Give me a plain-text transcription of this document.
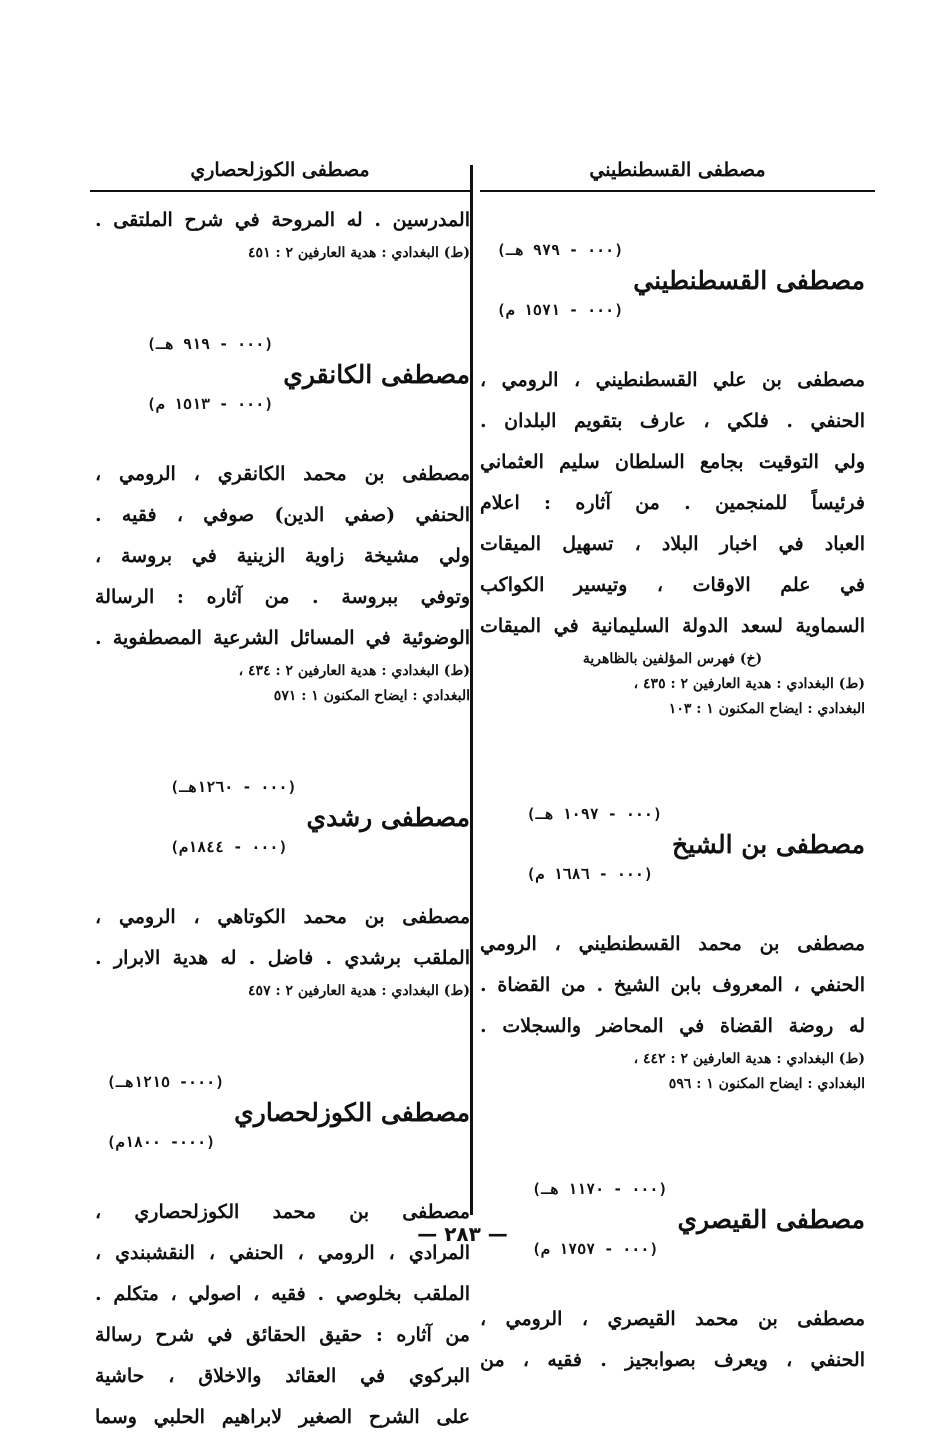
مصطفى القسطنطيني
مصطفى القسطنطيني

(٠٠٠ - ٩٧٩ هـ)

(٠٠٠ - ١٥٧١ م)

مصطفى بن علي القسطنطيني ، الرومي ،
الحنفي . فلكي ، عارف بتقويم البلدان .
ولي التوقيت بجامع السلطان سليم العثماني
فرئيساً للمنجمين . من آثاره : اعلام
العباد في اخبار البلاد ، تسهيل الميقات
في علم الاوقات ، وتيسير الكواكب
السماوية لسعد الدولة السليمانية في الميقات
(خ) فهرس المؤلفين بالظاهرية
(ط) البغدادي : هدية العارفين ٢ : ٤٣٥ ،
البغدادي : ايضاح المكنون ١ : ١٠٣
مصطفى بن الشيخ

(٠٠٠ - ١٠٩٧ هـ)

(٠٠٠ - ١٦٨٦ م)

مصطفى بن محمد القسطنطيني ، الرومي
الحنفي ، المعروف بابن الشيخ . من القضاة .
له روضة القضاة في المحاضر والسجلات .
(ط) البغدادي : هدية العارفين ٢ : ٤٤٢ ،
البغدادي : ايضاح المكنون ١ : ٥٩٦
مصطفى القيصري

(٠٠٠ - ١١٧٠ هـ)

(٠٠٠ - ١٧٥٧ م)

مصطفى بن محمد القيصري ، الرومي ،
الحنفي ، ويعرف بصوابجيز . فقيه ، من
مصطفى الكوزلحصاري
المدرسين . له المروحة في شرح الملتقى .
(ط) البغدادي : هدية العارفين ٢ : ٤٥١
مصطفى الكانقري

(٠٠٠ - ٩١٩ هـ)

(٠٠٠ - ١٥١٣ م)

مصطفى بن محمد الكانقري ، الرومي ،
الحنفي (صفي الدين) صوفي ، فقيه .
ولي مشيخة زاوية الزينية في بروسة ،
وتوفي ببروسة . من آثاره : الرسالة
الوضوئية في المسائل الشرعية المصطفوية .
(ط) البغدادي : هدية العارفين ٢ : ٤٣٤ ،
البغدادي : ايضاح المكنون ١ : ٥٧١
مصطفى رشدي

(٠٠٠ - ١٢٦٠هـ)

(٠٠٠ - ١٨٤٤م)

مصطفى بن محمد الكوتاهي ، الرومي ،
الملقب برشدي . فاضل . له هدية الابرار .
(ط) البغدادي : هدية العارفين ٢ : ٤٥٧
مصطفى الكوزلحصاري

(٠٠٠- ١٢١٥هـ)

(٠٠٠- ١٨٠٠م)

مصطفى بن محمد الكوزلحصاري ،
المرادي ، الرومي ، الحنفي ، النقشبندي ،
الملقب بخلوصي . فقيه ، اصولي ، متكلم .
من آثاره : حقيق الحقائق في شرح رسالة
البركوي في العقائد والاخلاق ، حاشية
على الشرح الصغير لابراهيم الحلبي وسما
— ٢٨٣ —
